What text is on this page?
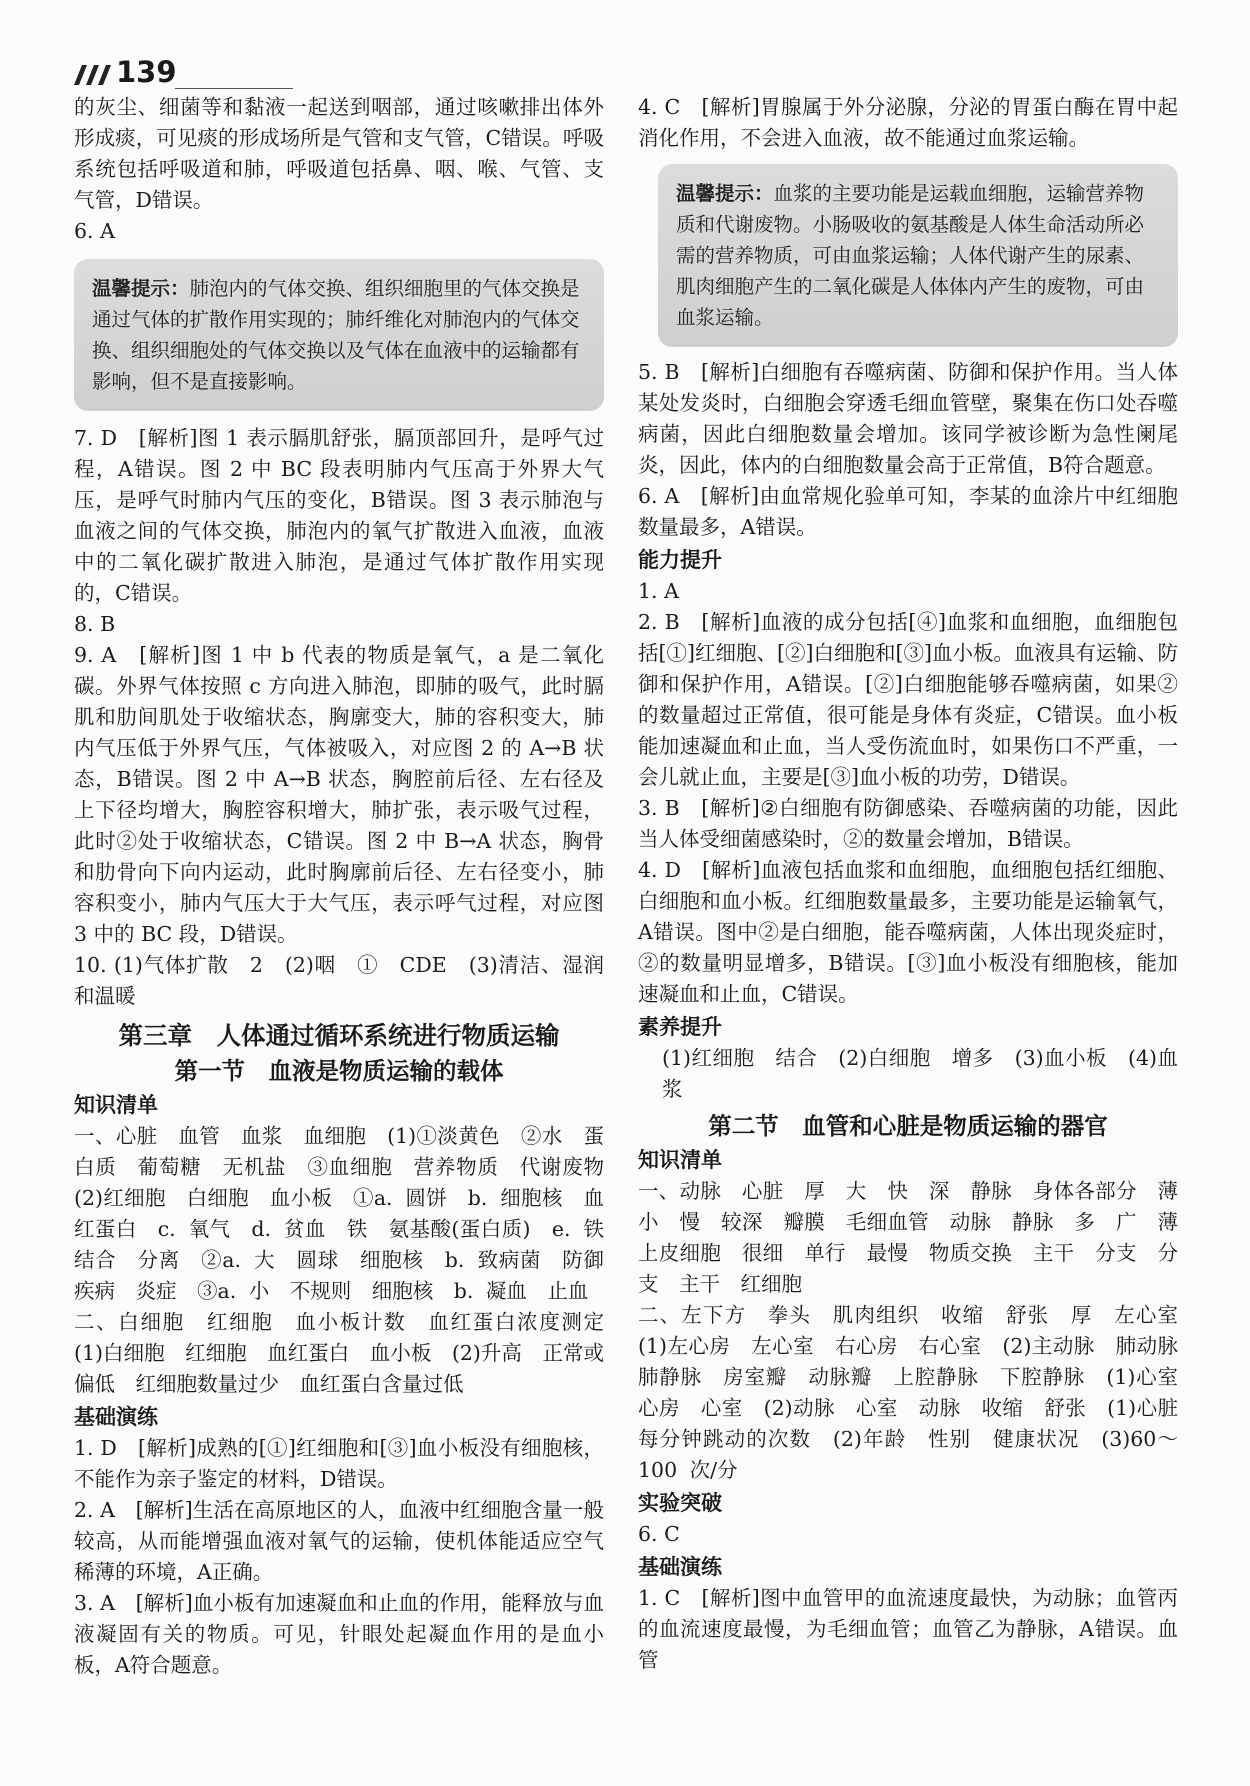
139

的灰尘、细菌等和黏液一起送到咽部，通过咳嗽排出体外形成痰，可见痰的形成场所是气管和支气管，C错误。呼吸系统包括呼吸道和肺，呼吸道包括鼻、咽、喉、气管、支气管，D错误。

6. A

温馨提示：肺泡内的气体交换、组织细胞里的气体交换是通过气体的扩散作用实现的；肺纤维化对肺泡内的气体交换、组织细胞处的气体交换以及气体在血液中的运输都有影响，但不是直接影响。

7. D　[解析]图 1 表示膈肌舒张，膈顶部回升，是呼气过程，A错误。图 2 中 BC 段表明肺内气压高于外界大气压，是呼气时肺内气压的变化，B错误。图 3 表示肺泡与血液之间的气体交换，肺泡内的氧气扩散进入血液，血液中的二氧化碳扩散进入肺泡，是通过气体扩散作用实现的，C错误。

8. B

9. A　[解析]图 1 中 b 代表的物质是氧气，a 是二氧化碳。外界气体按照 c 方向进入肺泡，即肺的吸气，此时膈肌和肋间肌处于收缩状态，胸廓变大，肺的容积变大，肺内气压低于外界气压，气体被吸入，对应图 2 的 A→B 状态，B错误。图 2 中 A→B 状态，胸腔前后径、左右径及上下径均增大，胸腔容积增大，肺扩张，表示吸气过程，此时②处于收缩状态，C错误。图 2 中 B→A 状态，胸骨和肋骨向下向内运动，此时胸廓前后径、左右径变小，肺容积变小，肺内气压大于大气压，表示呼气过程，对应图 3 中的 BC 段，D错误。

10. (1)气体扩散　2　(2)咽　①　CDE　(3)清洁、湿润和温暖

第三章　人体通过循环系统进行物质运输

第一节　血液是物质运输的载体

知识清单

一、心脏　血管　血浆　血细胞　(1)①淡黄色　②水　蛋白质　葡萄糖　无机盐　③血细胞　营养物质　代谢废物　(2)红细胞　白细胞　血小板　①a. 圆饼　b. 细胞核　血红蛋白　c. 氧气　d. 贫血　铁　氨基酸(蛋白质)　e. 铁　结合　分离　②a. 大　圆球　细胞核　b. 致病菌　防御疾病　炎症　③a. 小　不规则　细胞核　b. 凝血　止血

二、白细胞　红细胞　血小板计数　血红蛋白浓度测定　(1)白细胞　红细胞　血红蛋白　血小板　(2)升高　正常或偏低　红细胞数量过少　血红蛋白含量过低

基础演练

1. D　[解析]成熟的[①]红细胞和[③]血小板没有细胞核，不能作为亲子鉴定的材料，D错误。

2. A　[解析]生活在高原地区的人，血液中红细胞含量一般较高，从而能增强血液对氧气的运输，使机体能适应空气稀薄的环境，A正确。

3. A　[解析]血小板有加速凝血和止血的作用，能释放与血液凝固有关的物质。可见，针眼处起凝血作用的是血小板，A符合题意。

4. C　[解析]胃腺属于外分泌腺，分泌的胃蛋白酶在胃中起消化作用，不会进入血液，故不能通过血浆运输。

温馨提示：血浆的主要功能是运载血细胞，运输营养物质和代谢废物。小肠吸收的氨基酸是人体生命活动所必需的营养物质，可由血浆运输；人体代谢产生的尿素、肌肉细胞产生的二氧化碳是人体体内产生的废物，可由血浆运输。

5. B　[解析]白细胞有吞噬病菌、防御和保护作用。当人体某处发炎时，白细胞会穿透毛细血管壁，聚集在伤口处吞噬病菌，因此白细胞数量会增加。该同学被诊断为急性阑尾炎，因此，体内的白细胞数量会高于正常值，B符合题意。

6. A　[解析]由血常规化验单可知，李某的血涂片中红细胞数量最多，A错误。

能力提升

1. A

2. B　[解析]血液的成分包括[④]血浆和血细胞，血细胞包括[①]红细胞、[②]白细胞和[③]血小板。血液具有运输、防御和保护作用，A错误。[②]白细胞能够吞噬病菌，如果②的数量超过正常值，很可能是身体有炎症，C错误。血小板能加速凝血和止血，当人受伤流血时，如果伤口不严重，一会儿就止血，主要是[③]血小板的功劳，D错误。

3. B　[解析]②白细胞有防御感染、吞噬病菌的功能，因此当人体受细菌感染时，②的数量会增加，B错误。

4. D　[解析]血液包括血浆和血细胞，血细胞包括红细胞、白细胞和血小板。红细胞数量最多，主要功能是运输氧气，A错误。图中②是白细胞，能吞噬病菌，人体出现炎症时，②的数量明显增多，B错误。[③]血小板没有细胞核，能加速凝血和止血，C错误。

素养提升

(1)红细胞　结合　(2)白细胞　增多　(3)血小板　(4)血浆

第二节　血管和心脏是物质运输的器官

知识清单

一、动脉　心脏　厚　大　快　深　静脉　身体各部分　薄　小　慢　较深　瓣膜　毛细血管　动脉　静脉　多　广　薄　上皮细胞　很细　单行　最慢　物质交换　主干　分支　分支　主干　红细胞

二、左下方　拳头　肌肉组织　收缩　舒张　厚　左心室　(1)左心房　左心室　右心房　右心室　(2)主动脉　肺动脉　肺静脉　房室瓣　动脉瓣　上腔静脉　下腔静脉　(1)心室　心房　心室　(2)动脉　心室　动脉　收缩　舒张　(1)心脏每分钟跳动的次数　(2)年龄　性别　健康状况　(3)60～100 次/分

实验突破

6. C

基础演练

1. C　[解析]图中血管甲的血流速度最快，为动脉；血管丙的血流速度最慢，为毛细血管；血管乙为静脉，A错误。血管
